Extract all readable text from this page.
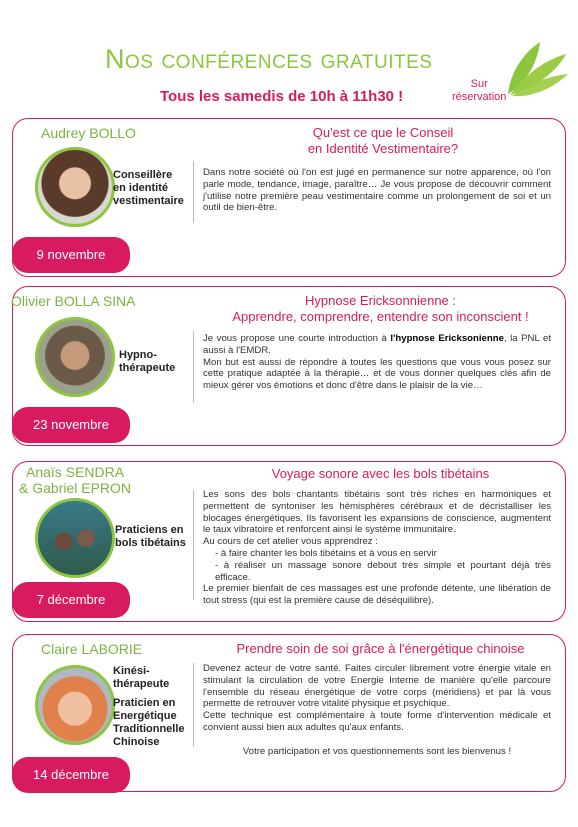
Nos conférences gratuites
Tous les samedis de 10h à 11h30 !
Sur
réservation
Audrey BOLLO
Conseillère
en identité
vestimentaire
Qu'est ce que le Conseil
en Identité Vestimentaire?

Dans notre société où l'on est jugé en permanence sur notre apparence, où l'on parle mode, tendance, image, paraître… Je vous propose de découvrir comment j'utilise notre première peau vestimentaire comme un prolongement de soi et un outil de bien-être.

9 novembre
Olivier BOLLA SINA
Hypno-
thérapeute
Hypnose Ericksonnienne :
Apprendre, comprendre, entendre son inconscient !

Je vous propose une courte introduction à l'hypnose Ericksonienne, la PNL et aussi à l'EMDR.

Mon but est aussi de répondre à toutes les questions que vous vous posez sur cette pratique adaptée à la thérapie… et de vous donner quelques clés afin de mieux gérer vos émotions et donc d'être dans le plaisir de la vie…

23 novembre
Anaïs SENDRA
& Gabriel EPRON
Praticiens en
bols tibétains
Voyage sonore avec les bols tibétains

Les sons des bols chantants tibétains sont très riches en harmoniques et permettent de syntoniser les hémisphères cérébraux et de décristalliser les blocages énergétiques. Ils favorisent les expansions de conscience, augmentent le taux vibratoire et renforcent ainsi le système immunitaire.

Au cours de cet atelier vous apprendrez :

- à faire chanter les bols tibétains et à vous en servir
- à réaliser un massage sonore debout très simple et pourtant déjà très efficace.

Le premier bienfait de ces massages est une profonde détente, une libération de tout stress (qui est la première cause de déséquilibre).

7 décembre
Claire LABORIE
Kinési-
thérapeute
Praticien en
Energétique
Traditionnelle
Chinoise
Prendre soin de soi grâce à l'énergétique chinoise

Devenez acteur de votre santé. Faites circuler librement votre énergie vitale en stimulant la circulation de votre Energie Interne de manière qu'elle parcoure l'ensemble du réseau énergétique de votre corps (méridiens) et par là vous permette de retrouver votre vitalité physique et psychique.

Cette technique est complémentaire à toute forme d'intervention médicale et convient aussi bien aux adultes qu'aux enfants.

Votre participation et vos questionnements sont les bienvenus !

14 décembre
